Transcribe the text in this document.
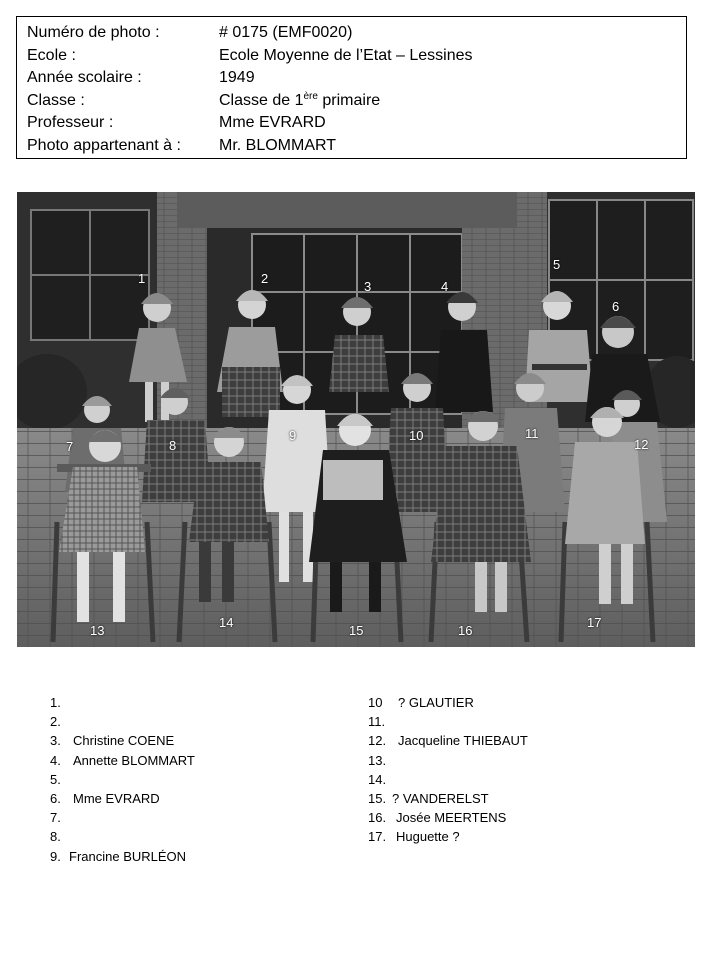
Numéro de photo :	# 0175 (EMF0020)
Ecole :	Ecole Moyenne de l’Etat – Lessines
Année scolaire :	1949
Classe :	Classe de 1ère primaire
Professeur :	Mme EVRARD
Photo appartenant à : Mr. BLOMMART
1	2
3	4
5
6
7	8
9	10	11
12
13
14
15	16
17
1.
2.
3. Christine COENE
4. Annette BLOMMART
5.
6. Mme EVRARD
7.
8.
9. Francine BURLÉON
10 ? GLAUTIER
11.
12. Jacqueline THIEBAUT
13.
14.
15. ? VANDERELST
16. Josée MEERTENS
17. Huguette ?
